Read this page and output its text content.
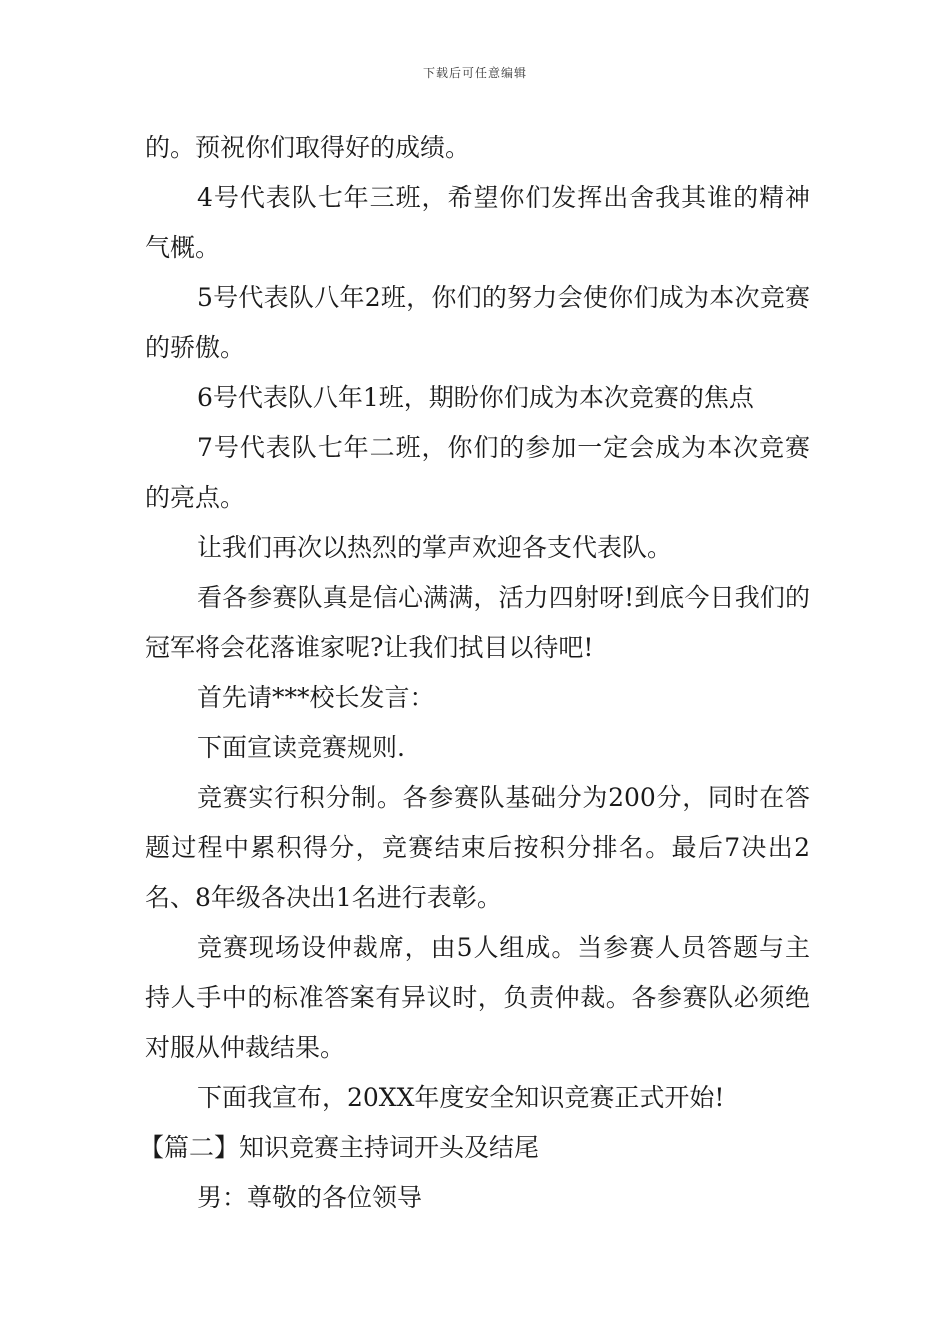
下载后可任意编辑

的。预祝你们取得好的成绩。

4号代表队七年三班，希望你们发挥出舍我其谁的精神气概。

5号代表队八年2班，你们的努力会使你们成为本次竞赛的骄傲。

6号代表队八年1班，期盼你们成为本次竞赛的焦点

7号代表队七年二班，你们的参加一定会成为本次竞赛的亮点。

让我们再次以热烈的掌声欢迎各支代表队。

看各参赛队真是信心满满，活力四射呀!到底今日我们的冠军将会花落谁家呢?让我们拭目以待吧!

首先请***校长发言：

下面宣读竞赛规则.

竞赛实行积分制。各参赛队基础分为200分，同时在答题过程中累积得分，竞赛结束后按积分排名。最后7决出2名、8年级各决出1名进行表彰。

竞赛现场设仲裁席，由5人组成。当参赛人员答题与主持人手中的标准答案有异议时，负责仲裁。各参赛队必须绝对服从仲裁结果。

下面我宣布，20XX年度安全知识竞赛正式开始!

【篇二】知识竞赛主持词开头及结尾

男：尊敬的各位领导
